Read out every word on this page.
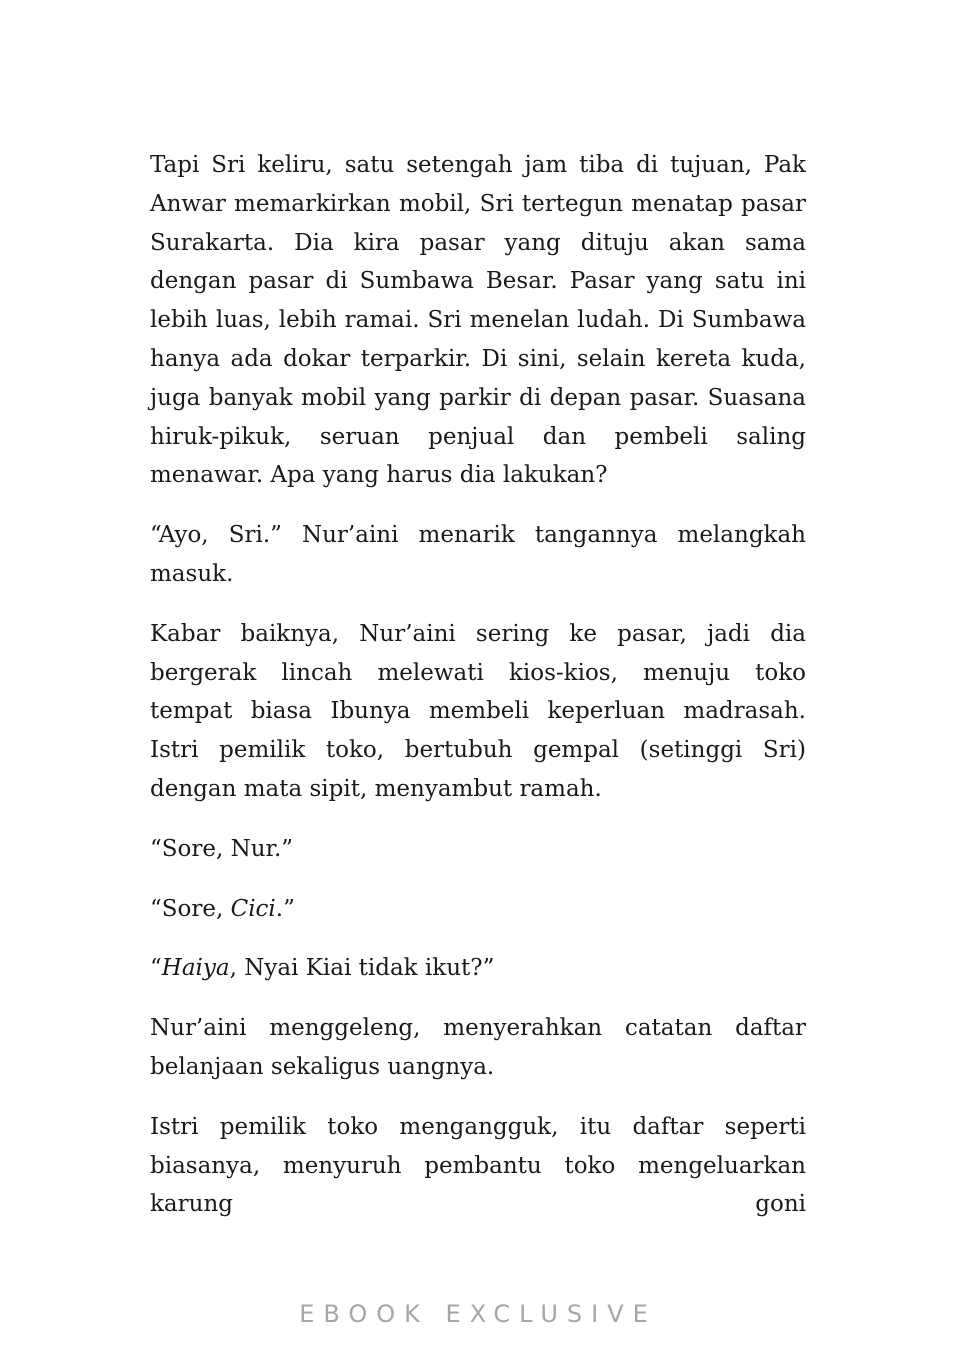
Tapi Sri keliru, satu setengah jam tiba di tujuan, Pak Anwar memarkirkan mobil, Sri tertegun menatap pasar Surakarta. Dia kira pasar yang dituju akan sama dengan pasar di Sumbawa Besar. Pasar yang satu ini lebih luas, lebih ramai. Sri menelan ludah. Di Sumbawa hanya ada dokar terparkir. Di sini, selain kereta kuda, juga banyak mobil yang parkir di depan pasar. Suasana hiruk-pikuk, seruan penjual dan pembeli saling menawar. Apa yang harus dia lakukan?

“Ayo, Sri.” Nur’aini menarik tangannya melangkah masuk.

Kabar baiknya, Nur’aini sering ke pasar, jadi dia bergerak lincah melewati kios-kios, menuju toko tempat biasa Ibunya membeli keperluan madrasah. Istri pemilik toko, bertubuh gempal (setinggi Sri) dengan mata sipit, menyambut ramah.

“Sore, Nur.”

“Sore, Cici.”

“Haiya, Nyai Kiai tidak ikut?”

Nur’aini menggeleng, menyerahkan catatan daftar belanjaan sekaligus uangnya.

Istri pemilik toko mengangguk, itu daftar seperti biasanya, menyuruh pembantu toko mengeluarkan karung goni

EBOOK EXCLUSIVE
